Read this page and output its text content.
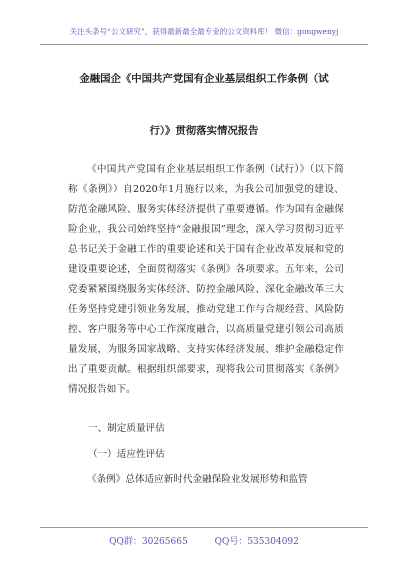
关注头条号“公文研究”，获得最新最全最专业的公文资料库！ 微信：gongwenyj
金融国企《中国共产党国有企业基层组织工作条例（试
行）》贯彻落实情况报告
《中国共产党国有企业基层组织工作条例（试行）》（以下简称《条例》）自2020年1月施行以来，为我公司加强党的建设、防范金融风险、服务实体经济提供了重要遵循。作为国有金融保险企业，我公司始终坚持“金融报国”理念，深入学习贯彻习近平总书记关于金融工作的重要论述和关于国有企业改革发展和党的建设重要论述，全面贯彻落实《条例》各项要求。五年来，公司党委紧紧围绕服务实体经济、防控金融风险、深化金融改革三大任务坚持党建引领业务发展，推动党建工作与合规经营、风险防控、客户服务等中心工作深度融合，以高质量党建引领公司高质量发展，为服务国家战略、支持实体经济发展、维护金融稳定作出了重要贡献。根据组织部要求，现将我公司贯彻落实《条例》情况报告如下。
一、制定质量评估
（一）适应性评估
《条例》总体适应新时代金融保险业发展形势和监管
QQ群：30265665	QQ号：535304092
